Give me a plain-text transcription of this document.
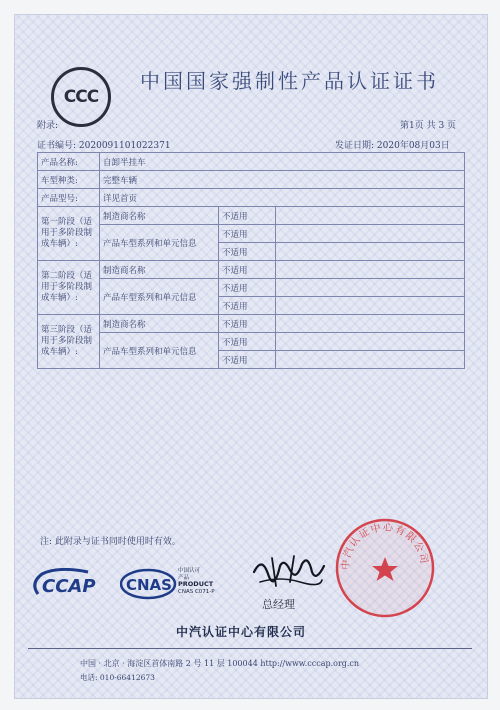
CCC
中国国家强制性产品认证证书
附录:	第1页 共 3 页
证书编号: 2020091101022371	发证日期: 2020年08月03日
产品名称:	自卸半挂车		
车型种类:	完整车辆		
产品型号:	详见首页		
第一阶段（适用于多阶段制成车辆）:	制造商名称	不适用	
	产品车型系列和单元信息	不适用	
		不适用	
第二阶段（适用于多阶段制成车辆）:	制造商名称	不适用	
	产品车型系列和单元信息	不适用	
		不适用	
第三阶段（适用于多阶段制成车辆）:	制造商名称	不适用	
	产品车型系列和单元信息	不适用	
		不适用	
注: 此附录与证书同时使用时有效。
CCAP CNAS
中国认可
产品
PRODUCT
CNAS C071-P
总经理
中汽认证中心有限公司
中汽认证中心有限公司
中国 · 北京 · 海淀区首体南路 2 号 11 层 100044 http://www.cccap.org.cn
电话: 010-66412673
